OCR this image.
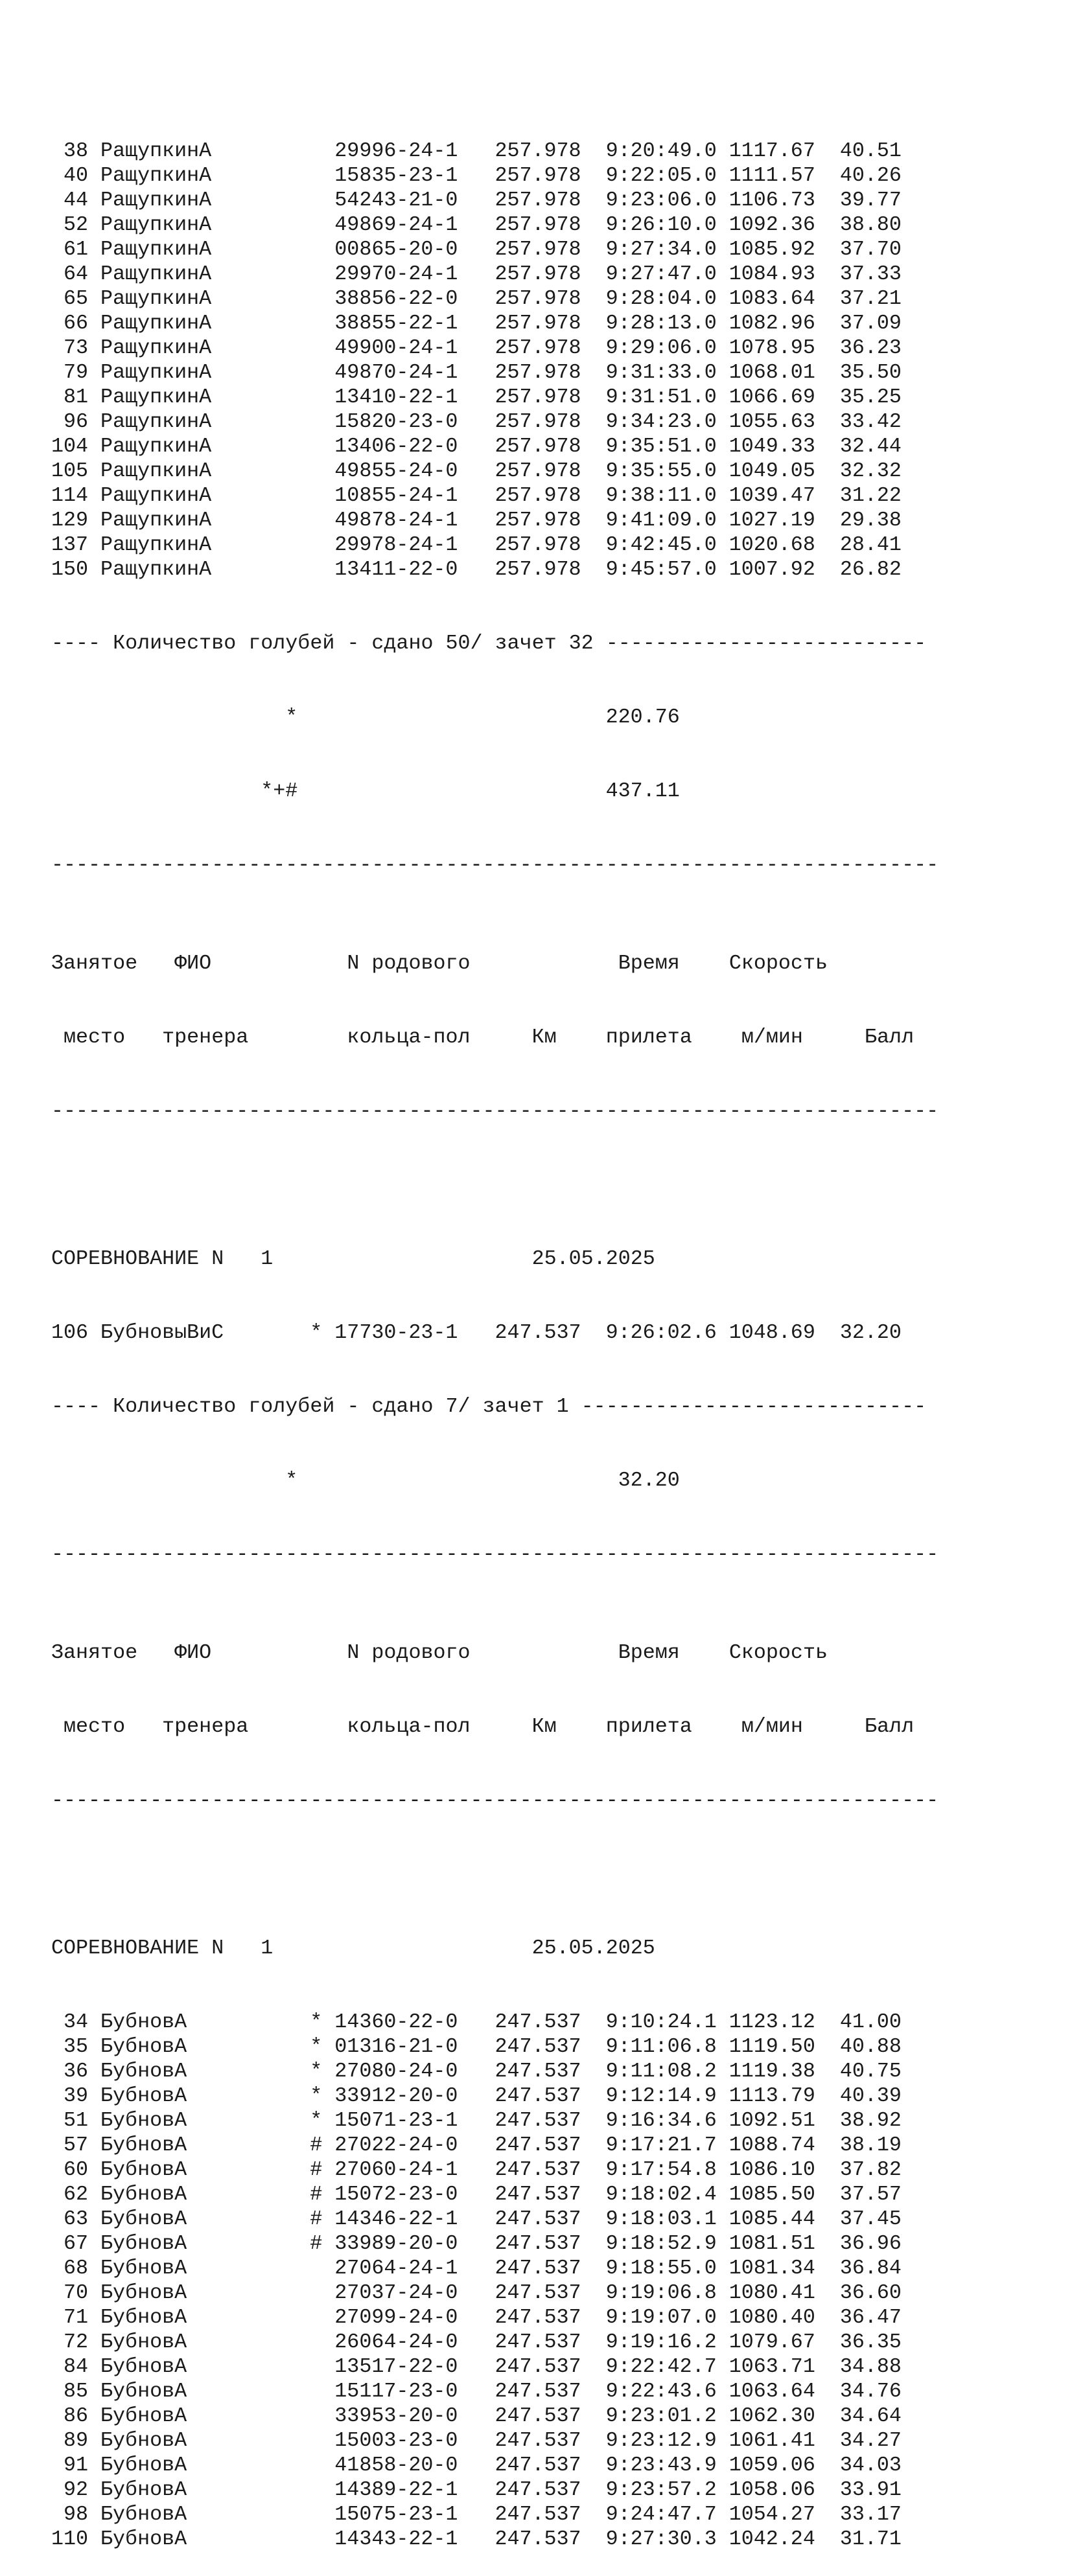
38 РащупкинА	29996-24-1 257.978 9:20:49.0 1117.67 40.51
40 РащупкинА	15835-23-1 257.978 9:22:05.0 1111.57 40.26
44 РащупкинА	54243-21-0 257.978 9:23:06.0 1106.73 39.77
52 РащупкинА	49869-24-1 257.978 9:26:10.0 1092.36 38.80
61 РащупкинА	00865-20-0 257.978 9:27:34.0 1085.92 37.70
64 РащупкинА	29970-24-1 257.978 9:27:47.0 1084.93 37.33
65 РащупкинА	38856-22-0 257.978 9:28:04.0 1083.64 37.21
66 РащупкинА	38855-22-1 257.978 9:28:13.0 1082.96 37.09
73 РащупкинА	49900-24-1 257.978 9:29:06.0 1078.95 36.23
79 РащупкинА	49870-24-1 257.978 9:31:33.0 1068.01 35.50
81 РащупкинА	13410-22-1 257.978 9:31:51.0 1066.69 35.25
96 РащупкинА	15820-23-0 257.978 9:34:23.0 1055.63 33.42
104 РащупкинА	13406-22-0 257.978 9:35:51.0 1049.33 32.44
105 РащупкинА	49855-24-0 257.978 9:35:55.0 1049.05 32.32
114 РащупкинА	10855-24-1 257.978 9:38:11.0 1039.47 31.22
129 РащупкинА	49878-24-1 257.978 9:41:09.0 1027.19 29.38
137 РащупкинА	29978-24-1 257.978 9:42:45.0 1020.68 28.41
150 РащупкинА	13411-22-0 257.978 9:45:57.0 1007.92 26.82

---- Количество голубей - сдано 50/ зачет 32 --------------------------

*	220.76

*+#	437.11

------------------------------------------------------------------------

Занятое   ФИО           N родового            Время    Скорость

место   тренера        кольца-пол     Км    прилета    м/мин     Балл

------------------------------------------------------------------------

СОРЕВНОВАНИЕ N   1                     25.05.2025

106 БубновыВиС	* 17730-23-1 247.537 9:26:02.6 1048.69 32.20

---- Количество голубей - сдано 7/ зачет 1 ----------------------------

*	32.20

------------------------------------------------------------------------

Занятое   ФИО           N родового            Время    Скорость

место   тренера        кольца-пол     Км    прилета    м/мин     Балл

------------------------------------------------------------------------

СОРЕВНОВАНИЕ N   1                     25.05.2025

34 БубновА	* 14360-22-0 247.537 9:10:24.1 1123.12 41.00
35 БубновА	* 01316-21-0 247.537 9:11:06.8 1119.50 40.88
36 БубновА	* 27080-24-0 247.537 9:11:08.2 1119.38 40.75
39 БубновА	* 33912-20-0 247.537 9:12:14.9 1113.79 40.39
51 БубновА	* 15071-23-1 247.537 9:16:34.6 1092.51 38.92
57 БубновА	# 27022-24-0 247.537 9:17:21.7 1088.74 38.19
60 БубновА	# 27060-24-1 247.537 9:17:54.8 1086.10 37.82
62 БубновА	# 15072-23-0 247.537 9:18:02.4 1085.50 37.57
63 БубновА	# 14346-22-1 247.537 9:18:03.1 1085.44 37.45
67 БубновА	# 33989-20-0 247.537 9:18:52.9 1081.51 36.96
68 БубновА	27064-24-1 247.537 9:18:55.0 1081.34 36.84
70 БубновА	27037-24-0 247.537 9:19:06.8 1080.41 36.60
71 БубновА	27099-24-0 247.537 9:19:07.0 1080.40 36.47
72 БубновА	26064-24-0 247.537 9:19:16.2 1079.67 36.35
84 БубновА	13517-22-0 247.537 9:22:42.7 1063.71 34.88
85 БубновА	15117-23-0 247.537 9:22:43.6 1063.64 34.76
86 БубновА	33953-20-0 247.537 9:23:01.2 1062.30 34.64
89 БубновА	15003-23-0 247.537 9:23:12.9 1061.41 34.27
91 БубновА	41858-20-0 247.537 9:23:43.9 1059.06 34.03
92 БубновА	14389-22-1 247.537 9:23:57.2 1058.06 33.91
98 БубновА	15075-23-1 247.537 9:24:47.7 1054.27 33.17
110 БубновА	14343-22-1 247.537 9:27:30.3 1042.24 31.71
